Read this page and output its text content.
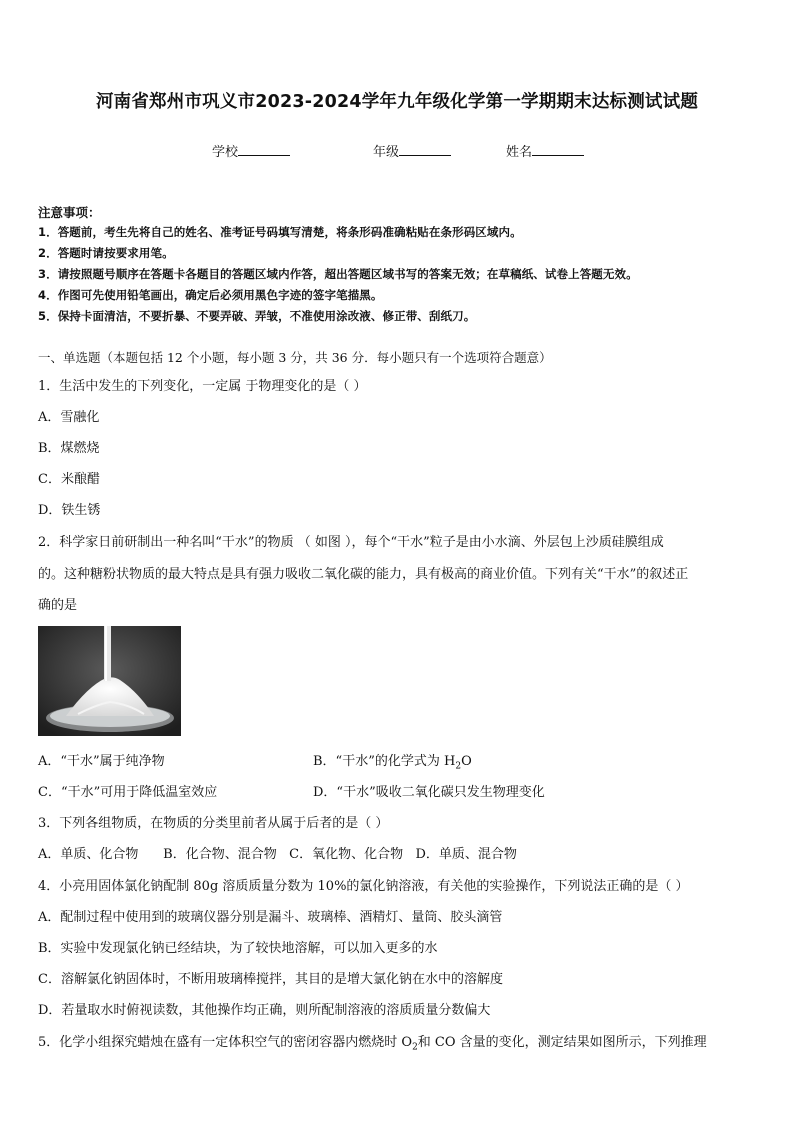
河南省郑州市巩义市2023-2024学年九年级化学第一学期期末达标测试试题
学校	年级	姓名
注意事项：
1．答题前，考生先将自己的姓名、准考证号码填写清楚，将条形码准确粘贴在条形码区域内。
2．答题时请按要求用笔。
3．请按照题号顺序在答题卡各题目的答题区域内作答，超出答题区域书写的答案无效；在草稿纸、试卷上答题无效。
4．作图可先使用铅笔画出，确定后必须用黑色字迹的签字笔描黑。
5．保持卡面清洁，不要折暴、不要弄破、弄皱，不准使用涂改液、修正带、刮纸刀。
一、单选题（本题包括 12 个小题，每小题 3 分，共 36 分．每小题只有一个选项符合题意）
1．生活中发生的下列变化，一定属 于物理变化的是（ ）
A．雪融化
B．煤燃烧
C．米酿醋
D．铁生锈
2．科学家日前研制出一种名叫“干水”的物质 （ 如图 ），每个“干水”粒子是由小水滴、外层包上沙质硅膜组成
的。这种糖粉状物质的最大特点是具有强力吸收二氧化碳的能力，具有极高的商业价值。下列有关“干水”的叙述正
确的是
A．“干水”属于纯净物	B．“干水”的化学式为 $H_2O$
C．“干水”可用于降低温室效应	D．“干水”吸收二氧化碳只发生物理变化
3．下列各组物质，在物质的分类里前者从属于后者的是（ ）
A．单质、化合物      B．化合物、混合物   C．氧化物、化合物   D．单质、混合物
4．小亮用固体氯化钠配制 80g 溶质质量分数为 10%的氯化钠溶液，有关他的实验操作，下列说法正确的是（ ）
A．配制过程中使用到的玻璃仪器分别是漏斗、玻璃棒、酒精灯、量筒、胶头滴管
B．实验中发现氯化钠已经结块，为了较快地溶解，可以加入更多的水
C．溶解氯化钠固体时，不断用玻璃棒搅拌，其目的是增大氯化钠在水中的溶解度
D．若量取水时俯视读数，其他操作均正确，则所配制溶液的溶质质量分数偏大
5．化学小组探究蜡烛在盛有一定体积空气的密闭容器内燃烧时 $O_2$和 CO 含量的变化，测定结果如图所示，下列推理
